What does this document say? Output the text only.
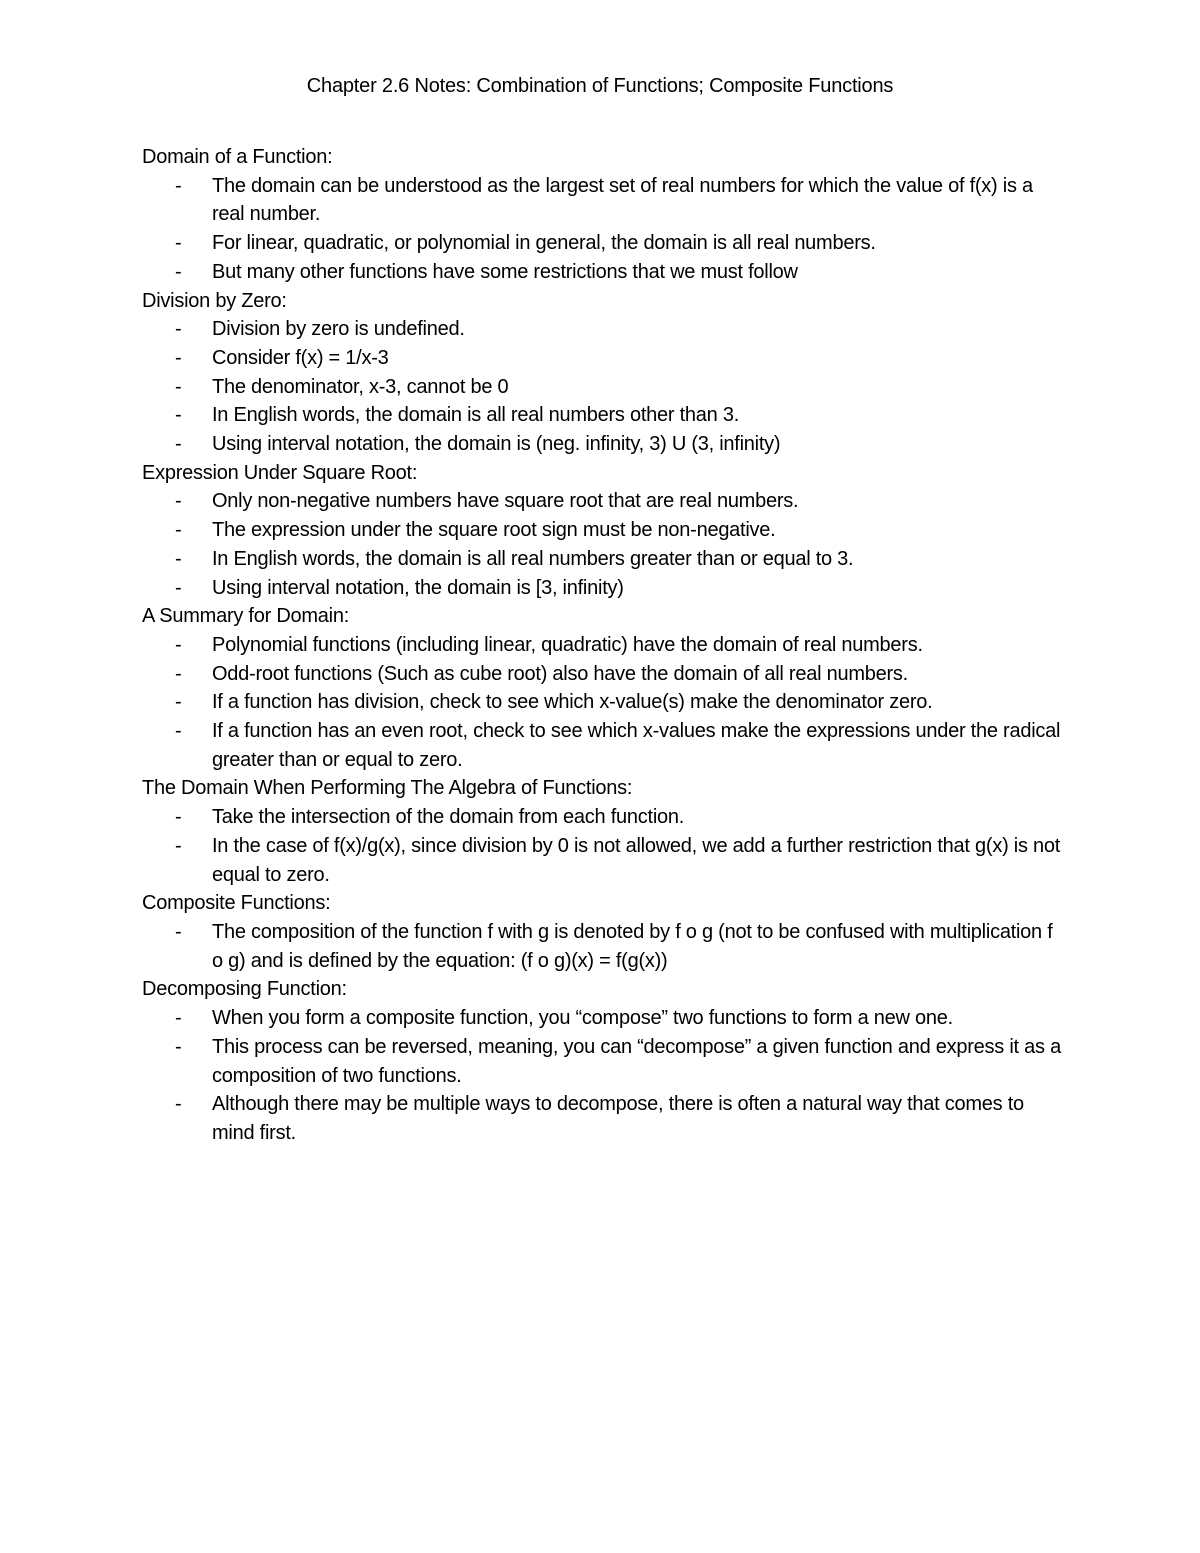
Chapter 2.6 Notes: Combination of Functions; Composite Functions
Domain of a Function:
- The domain can be understood as the largest set of real numbers for which the value of f(x) is a real number.
- For linear, quadratic, or polynomial in general, the domain is all real numbers.
- But many other functions have some restrictions that we must follow
Division by Zero:
- Division by zero is undefined.
- Consider f(x) = 1/x-3
- The denominator, x-3, cannot be 0
- In English words, the domain is all real numbers other than 3.
- Using interval notation, the domain is (neg. infinity, 3) U (3, infinity)
Expression Under Square Root:
- Only non-negative numbers have square root that are real numbers.
- The expression under the square root sign must be non-negative.
- In English words, the domain is all real numbers greater than or equal to 3.
- Using interval notation, the domain is [3, infinity)
A Summary for Domain:
- Polynomial functions (including linear, quadratic) have the domain of real numbers.
- Odd-root functions (Such as cube root) also have the domain of all real numbers.
- If a function has division, check to see which x-value(s) make the denominator zero.
- If a function has an even root, check to see which x-values make the expressions under the radical greater than or equal to zero.
The Domain When Performing The Algebra of Functions:
- Take the intersection of the domain from each function.
- In the case of f(x)/g(x), since division by 0 is not allowed, we add a further restriction that g(x) is not equal to zero.
Composite Functions:
- The composition of the function f with g is denoted by f o g (not to be confused with multiplication f o g) and is defined by the equation: (f o g)(x) = f(g(x))
Decomposing Function:
- When you form a composite function, you “compose” two functions to form a new one.
- This process can be reversed, meaning, you can “decompose” a given function and express it as a composition of two functions.
- Although there may be multiple ways to decompose, there is often a natural way that comes to mind first.
